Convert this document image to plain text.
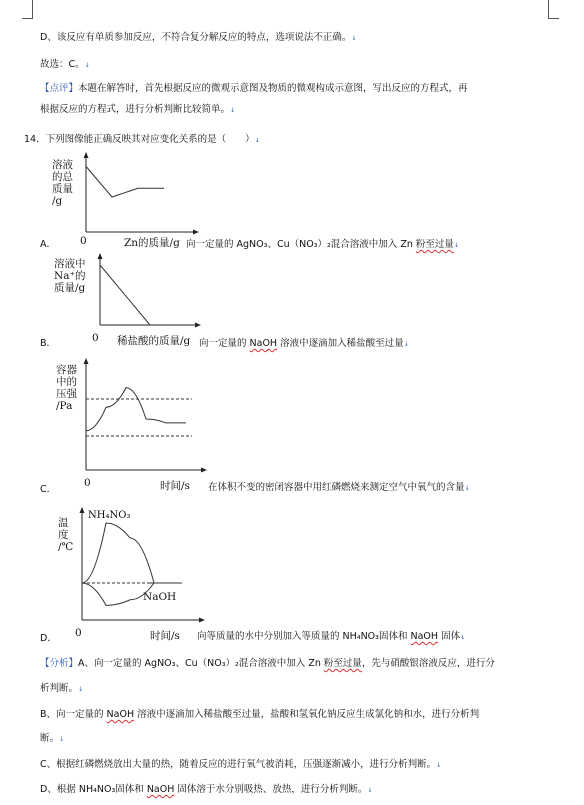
D、该反应有单质参加反应，不符合复分解反应的特点，选项说法不正确。↓
故选：C。↓
【点评】本题在解答时，首先根据反应的微观示意图及物质的微观构成示意图，写出反应的方程式，再
根据反应的方程式，进行分析判断比较简单。↓
14．下列图像能正确反映其对应变化关系的是（　　）↓
溶液
的总
质量
/g
0	Zn的质量/g
A．	向一定量的 AgNO₃、Cu（NO₃）₂混合溶液中加入 Zn 粉至过量↓
溶液中
Na⁺的
质量/g
0 稀盐酸的质量/g
B．	向一定量的 NaOH 溶液中逐滴加入稀盐酸至过量↓
容器
中的
压强
/Pa
0	时间/s
C．	在体积不变的密闭容器中用红磷燃烧来测定空气中氧气的含量↓
温
度
/℃
NH₄NO₃
NaOH
0	时间/s
D．	向等质量的水中分别加入等质量的 NH₄NO₃固体和 NaOH 固体↓
【分析】A、向一定量的 AgNO₃、Cu（NO₃）₂混合溶液中加入 Zn 粉至过量，先与硝酸银溶液反应，进行分
析判断。↓
B、向一定量的 NaOH 溶液中逐滴加入稀盐酸至过量，盐酸和氢氧化钠反应生成氯化钠和水，进行分析判
断。↓
C、根据红磷燃烧放出大量的热，随着反应的进行氧气被消耗，压强逐渐减小，进行分析判断。↓
D、根据 NH₄NO₃固体和 NaOH 固体溶于水分别吸热、放热，进行分析判断。↓
